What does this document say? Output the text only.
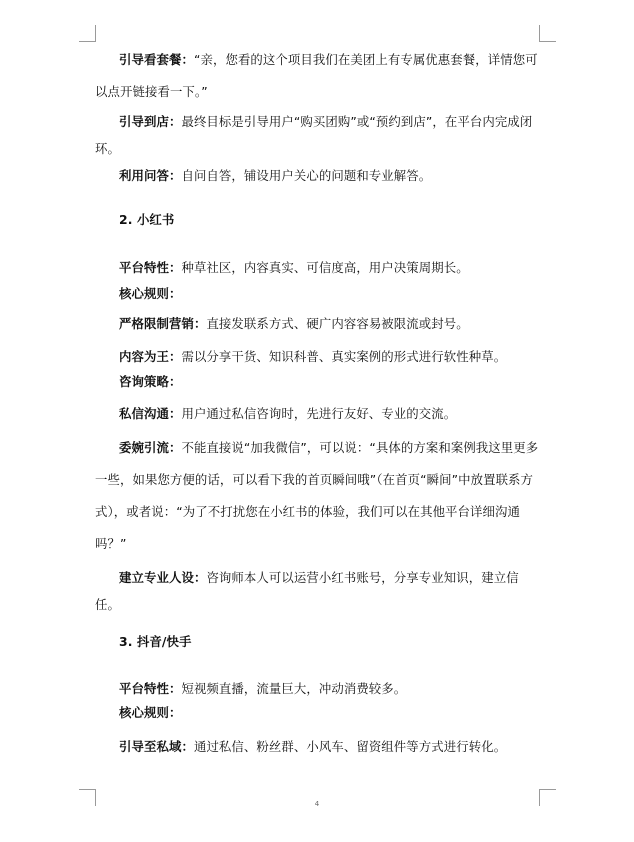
引导看套餐：“亲，您看的这个项目我们在美团上有专属优惠套餐，详情您可以点开链接看一下。”

引导到店：最终目标是引导用户“购买团购”或“预约到店”，在平台内完成闭环。

利用问答：自问自答，铺设用户关心的问题和专业解答。

2. 小红书

平台特性：种草社区，内容真实、可信度高，用户决策周期长。

核心规则：

严格限制营销：直接发联系方式、硬广内容容易被限流或封号。

内容为王：需以分享干货、知识科普、真实案例的形式进行软性种草。

咨询策略：

私信沟通：用户通过私信咨询时，先进行友好、专业的交流。

委婉引流：不能直接说“加我微信”，可以说：“具体的方案和案例我这里更多一些，如果您方便的话，可以看下我的首页瞬间哦”（在首页“瞬间”中放置联系方式），或者说：“为了不打扰您在小红书的体验，我们可以在其他平台详细沟通吗？”

建立专业人设：咨询师本人可以运营小红书账号，分享专业知识，建立信任。

3. 抖音/快手

平台特性：短视频直播，流量巨大，冲动消费较多。

核心规则：

引导至私域：通过私信、粉丝群、小风车、留资组件等方式进行转化。

4
